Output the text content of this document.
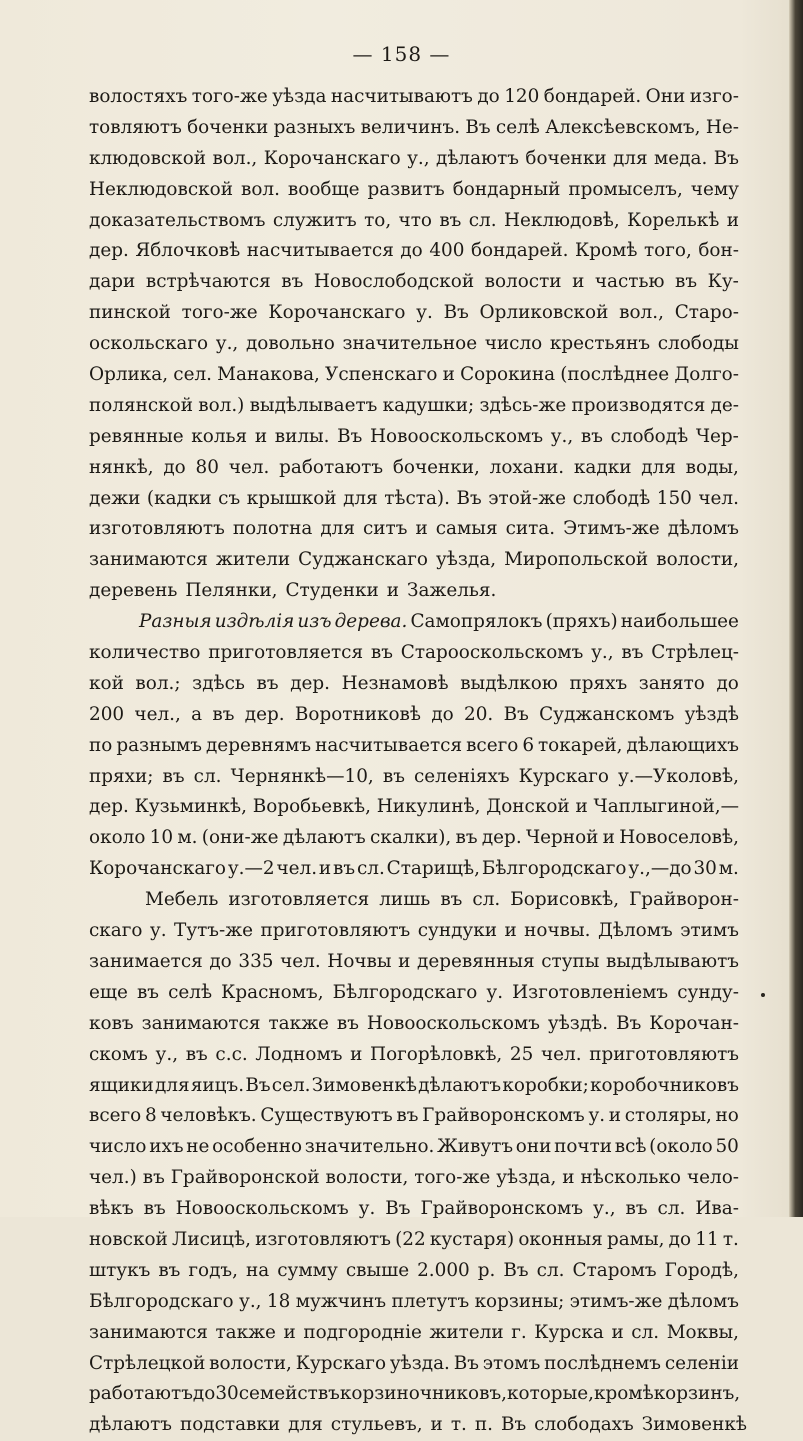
— 158 —
волостяхъ того-же уѣзда насчитываютъ до 120 бондарей. Они изго-
товляютъ боченки разныхъ величинъ. Въ селѣ Алексѣевскомъ, Не-
клюдовской вол., Корочанскаго у., дѣлаютъ боченки для меда. Въ
Неклюдовской вол. вообще развитъ бондарный промыселъ, чему
доказательствомъ служитъ то, что въ сл. Неклюдовѣ, Корелькѣ и
дер. Яблочковѣ насчитывается до 400 бондарей. Кромѣ того, бон-
дари встрѣчаются въ Новослободской волости и частью въ Ку-
пинской того-же Корочанскаго у. Въ Орликовской вол., Старо-
оскольскаго у., довольно значительное число крестьянъ слободы
Орлика, сел. Манакова, Успенскаго и Сорокина (послѣднее Долго-
полянской вол.) выдѣлываетъ кадушки; здѣсь-же производятся де-
ревянные колья и вилы. Въ Новооскольскомъ у., въ слободѣ Чер-
нянкѣ, до 80 чел. работаютъ боченки, лохани. кадки для воды,
дежи (кадки съ крышкой для тѣста). Въ этой-же слободѣ 150 чел.
изготовляютъ полотна для ситъ и самыя сита. Этимъ-же дѣломъ
занимаются жители Суджанскаго уѣзда, Миропольской волости,
деревень Пелянки, Студенки и Зажелья.
Разныя издѣлія изъ дерева. Самопрялокъ (пряхъ) наибольшее
количество приготовляется въ Старооскольскомъ у., въ Стрѣлец-
кой вол.; здѣсь въ дер. Незнамовѣ выдѣлкою пряхъ занято до
200 чел., а въ дер. Воротниковѣ до 20. Въ Суджанскомъ уѣздѣ
по разнымъ деревнямъ насчитывается всего 6 токарей, дѣлающихъ
пряхи; въ сл. Чернянкѣ—10, въ селеніяхъ Курскаго у.—Уколовѣ,
дер. Кузьминкѣ, Воробьевкѣ, Никулинѣ, Донской и Чаплыгиной,—
около 10 м. (они-же дѣлаютъ скалки), въ дер. Черной и Новоселовѣ,
Корочанскаго у.—2 чел. и въ сл. Старищѣ, Бѣлгородскаго у.,—до 30 м.
Мебель изготовляется лишь въ сл. Борисовкѣ, Грайворон-
скаго у. Тутъ-же приготовляютъ сундуки и ночвы. Дѣломъ этимъ
занимается до 335 чел. Ночвы и деревянныя ступы выдѣлываютъ
еще въ селѣ Красномъ, Бѣлгородскаго у. Изготовленіемъ сунду-
ковъ занимаются также въ Новооскольскомъ уѣздѣ. Въ Корочан-
скомъ у., въ с.с. Лодномъ и Погорѣловкѣ, 25 чел. приготовляютъ
ящики для яицъ. Въ сел. Зимовенкѣ дѣлаютъ коробки; коробочниковъ
всего 8 человѣкъ. Существуютъ въ Грайворонскомъ у. и столяры, но
число ихъ не особенно значительно. Живутъ они почти всѣ (около 50
чел.) въ Грайворонской волости, того-же уѣзда, и нѣсколько чело-
вѣкъ въ Новооскольскомъ у. Въ Грайворонскомъ у., въ сл. Ива-
новской Лисицѣ, изготовляютъ (22 кустаря) оконныя рамы, до 11 т.
штукъ въ годъ, на сумму свыше 2.000 р. Въ сл. Старомъ Городѣ,
Бѣлгородскаго у., 18 мужчинъ плетутъ корзины; этимъ-же дѣломъ
занимаются также и подгородніе жители г. Курска и сл. Моквы,
Стрѣлецкой волости, Курскаго уѣзда. Въ этомъ послѣднемъ селеніи
работаютъ до 30 семействъ корзиночниковъ, которые, кромѣ корзинъ,
дѣлаютъ подставки для стульевъ, и т. п. Въ слободахъ Зимовенкѣ
